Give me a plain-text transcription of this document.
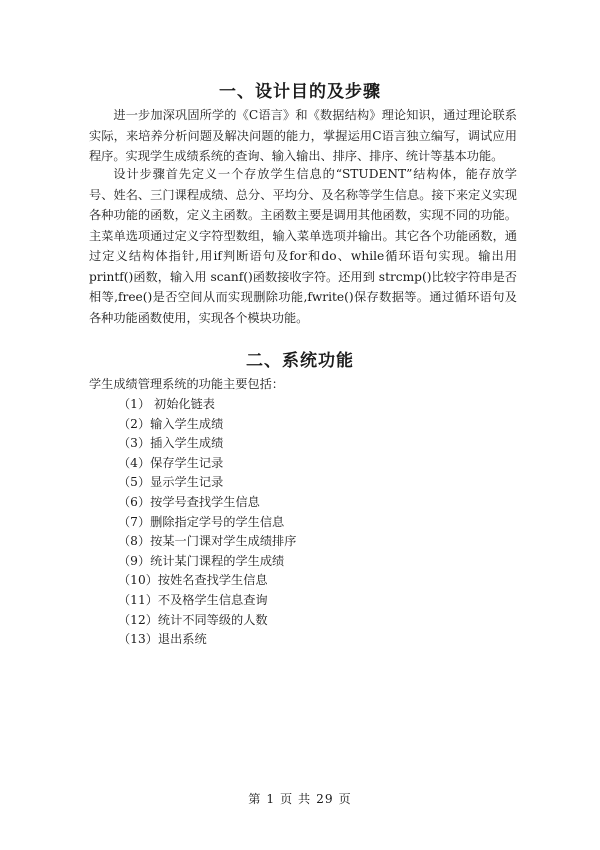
一、设计目的及步骤

进一步加深巩固所学的《C语言》和《数据结构》理论知识，通过理论联系实际，来培养分析问题及解决问题的能力，掌握运用C语言独立编写，调试应用程序。实现学生成绩系统的查询、输入输出、排序、排序、统计等基本功能。

设计步骤首先定义一个存放学生信息的“STUDENT”结构体，能存放学号、姓名、三门课程成绩、总分、平均分、及名称等学生信息。接下来定义实现各种功能的函数，定义主函数。主函数主要是调用其他函数，实现不同的功能。主菜单选项通过定义字符型数组，输入菜单选项并输出。其它各个功能函数，通过定义结构体指针,用if判断语句及for和do、while循环语句实现。输出用printf()函数，输入用 scanf()函数接收字符。还用到 strcmp()比较字符串是否相等,free()是否空间从而实现删除功能,fwrite()保存数据等。通过循环语句及各种功能函数使用，实现各个模块功能。

二、系统功能

学生成绩管理系统的功能主要包括：

（1） 初始化链表
（2）输入学生成绩
（3）插入学生成绩
（4）保存学生记录
（5）显示学生记录
（6）按学号查找学生信息
（7）删除指定学号的学生信息
（8）按某一门课对学生成绩排序
（9）统计某门课程的学生成绩
（10）按姓名查找学生信息
（11）不及格学生信息查询
（12）统计不同等级的人数
（13）退出系统
第 1 页 共 29 页
